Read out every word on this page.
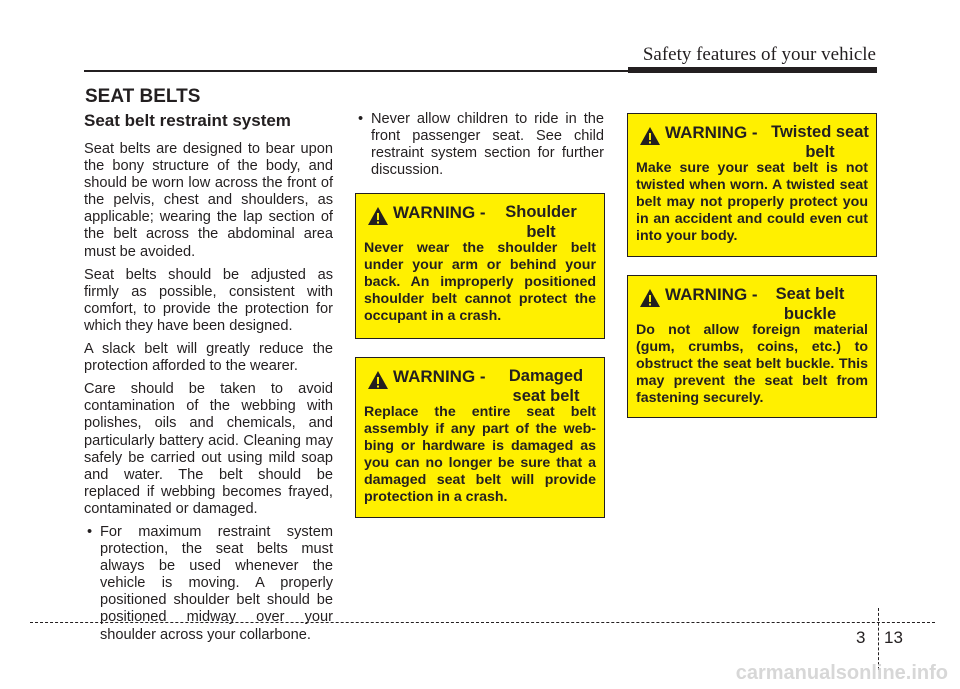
Safety features of your vehicle
SEAT BELTS
Seat belt restraint system

Seat belts are designed to bear upon the bony structure of the body, and should be worn low across the front of the pelvis, chest and shoulders, as applicable; wearing the lap section of the belt across the abdominal area must be avoided.

Seat belts should be adjusted as firmly as possible, consistent with comfort, to provide the protection for which they have been designed.

A slack belt will greatly reduce the protection afforded to the wearer.

Care should be taken to avoid contamination of the webbing with polishes, oils and chemicals, and particularly battery acid. Cleaning may safely be carried out using mild soap and water. The belt should be replaced if webbing becomes frayed, contaminated or damaged.

• For maximum restraint system protection, the seat belts must always be used whenever the vehicle is moving. A properly positioned shoulder belt should be positioned midway over your shoulder across your collarbone.

• Never allow children to ride in the front passenger seat. See child restraint system section for further discussion.

WARNING -	Shoulder
belt
Never wear the shoulder belt under your arm or behind your back. An improperly positioned shoulder belt cannot protect the occupant in a crash.
WARNING -	Damaged
seat belt
Replace the entire seat belt assembly if any part of the web-bing or hardware is damaged as you can no longer be sure that a damaged seat belt will provide protection in a crash.
WARNING - Twisted seat
belt
Make sure your seat belt is not twisted when worn. A twisted seat belt may not properly protect you in an accident and could even cut into your body.
WARNING -	Seat belt
buckle
Do not allow foreign material (gum, crumbs, coins, etc.) to obstruct the seat belt buckle. This may prevent the seat belt from fastening securely.
3 13
carmanualsonline.info
